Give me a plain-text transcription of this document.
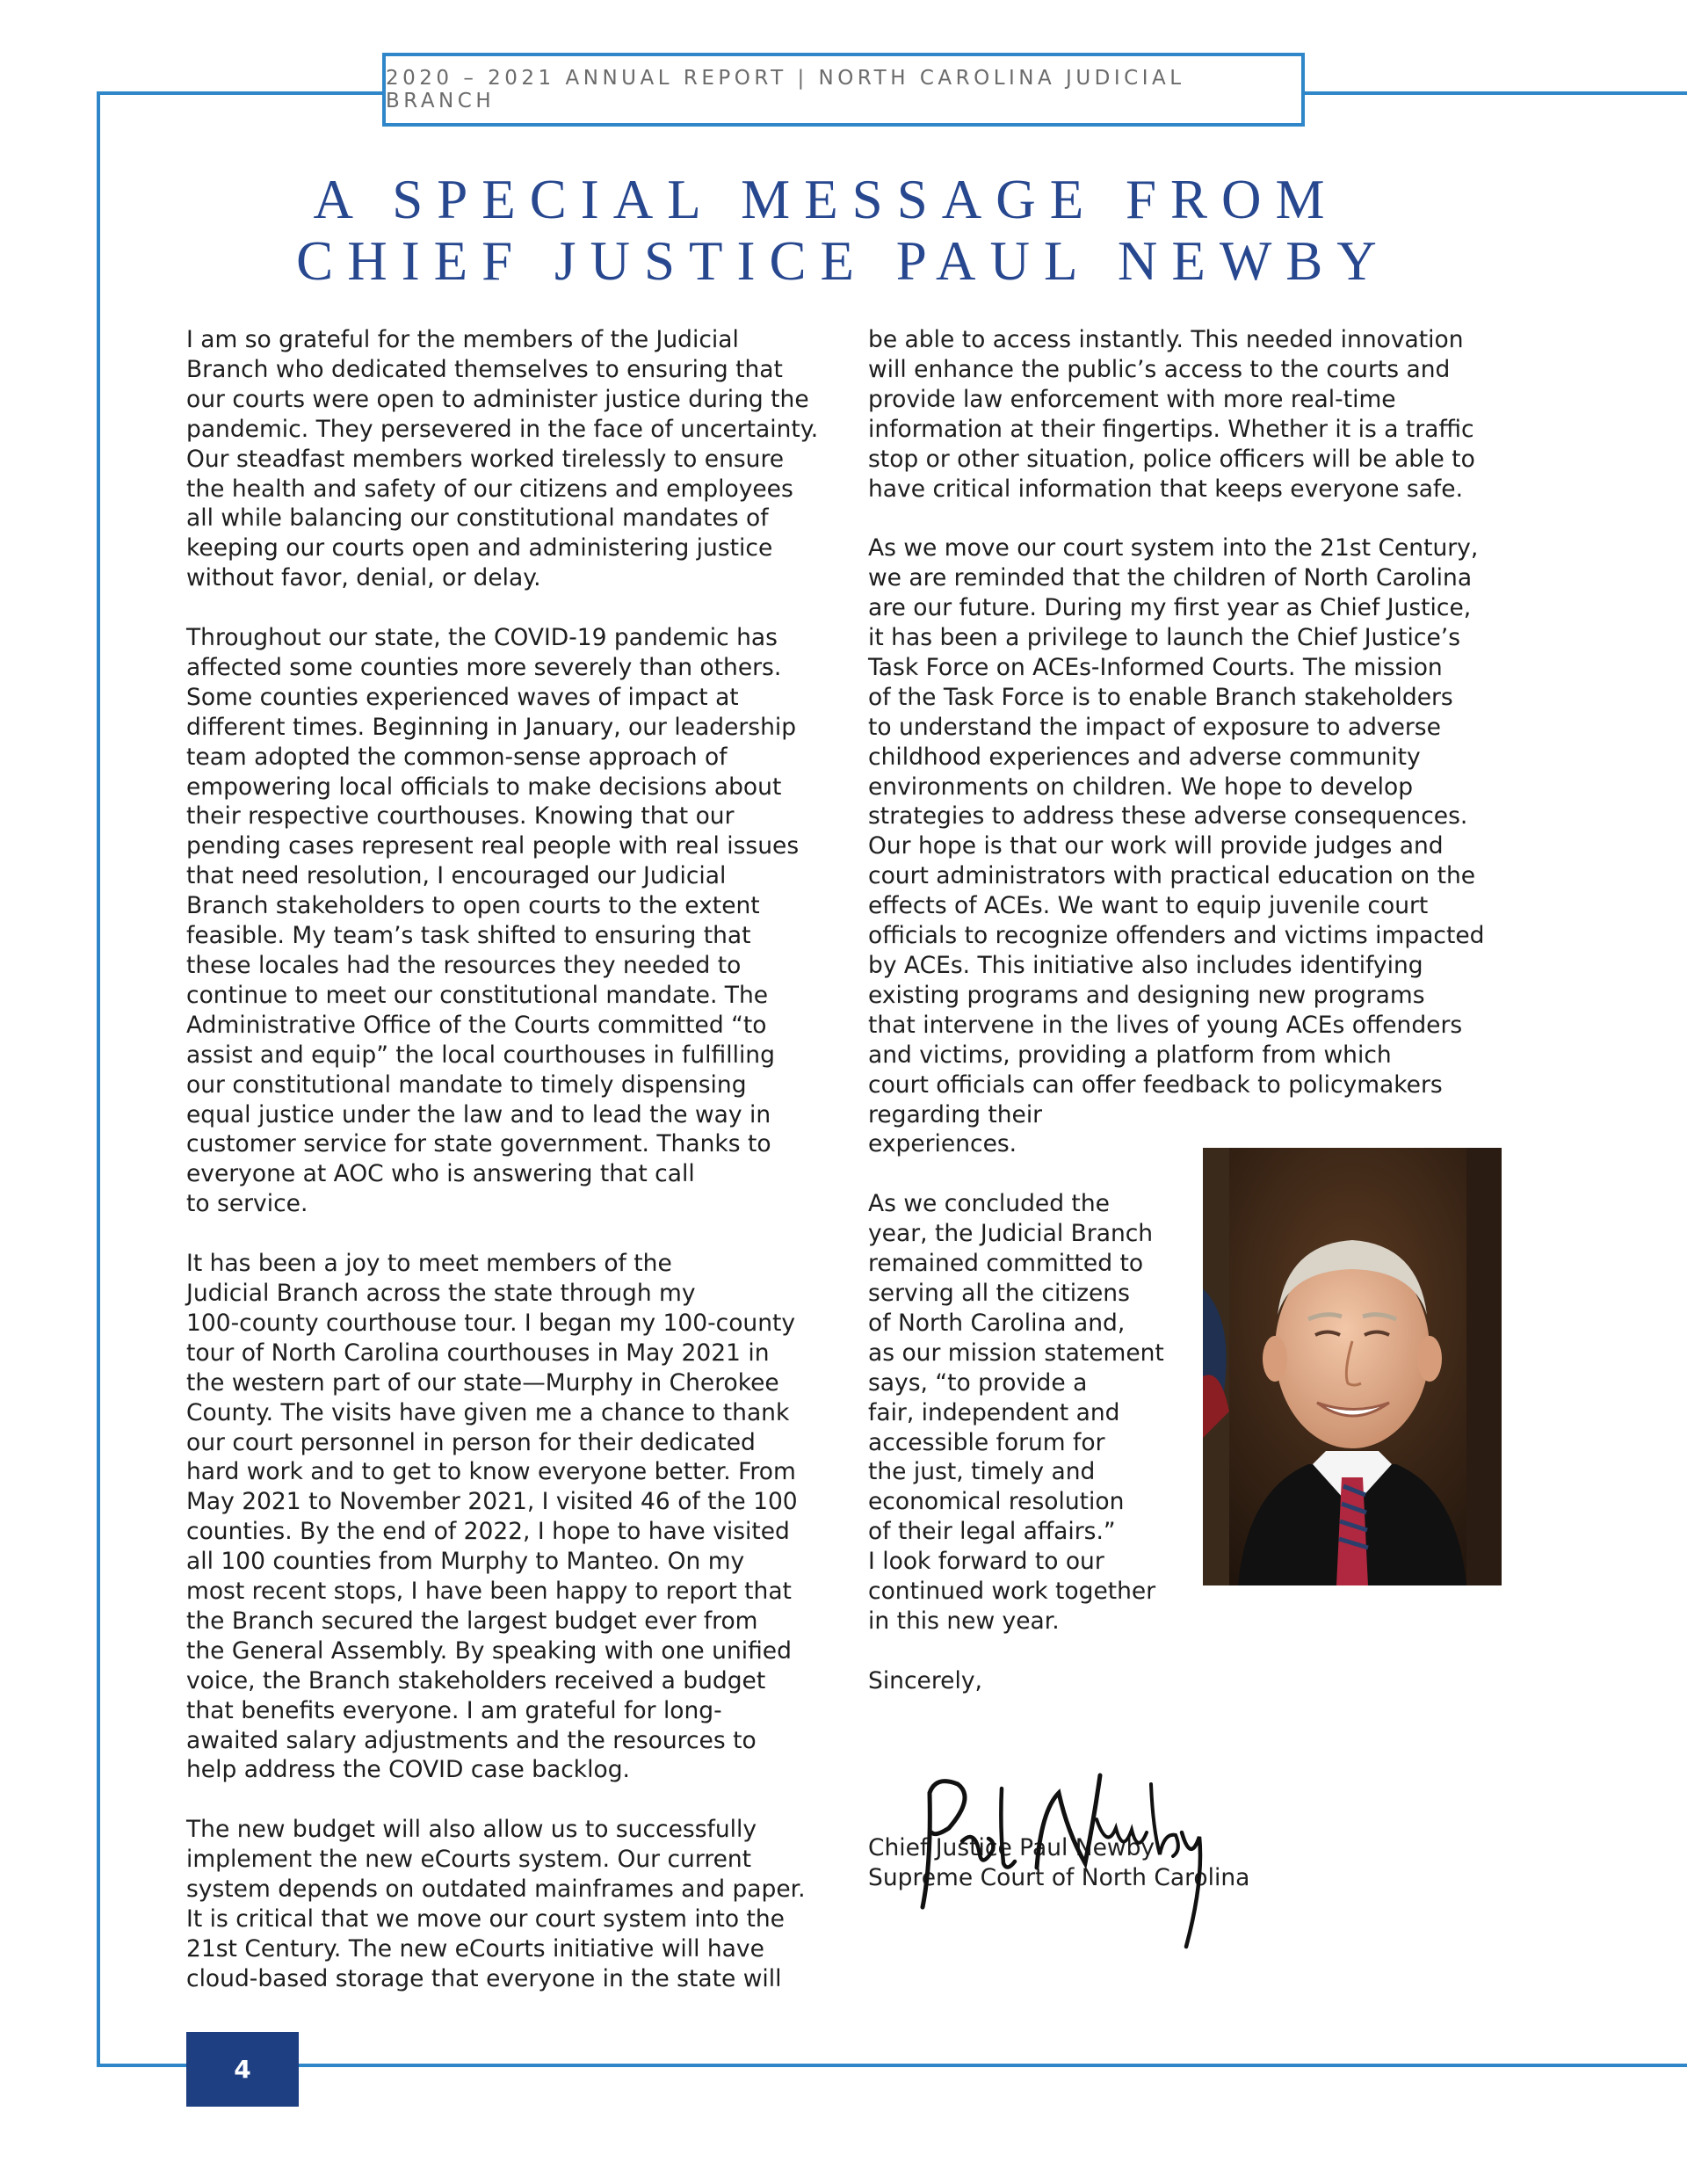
2020 – 2021 ANNUAL REPORT | NORTH CAROLINA JUDICIAL BRANCH
A SPECIAL MESSAGE FROM
CHIEF JUSTICE PAUL NEWBY

I am so grateful for the members of the Judicial
Branch who dedicated themselves to ensuring that
our courts were open to administer justice during the
pandemic. They persevered in the face of uncertainty.
Our steadfast members worked tirelessly to ensure
the health and safety of our citizens and employees
all while balancing our constitutional mandates of
keeping our courts open and administering justice
without favor, denial, or delay.

Throughout our state, the COVID-19 pandemic has
affected some counties more severely than others.
Some counties experienced waves of impact at
different times. Beginning in January, our leadership
team adopted the common-sense approach of
empowering local officials to make decisions about
their respective courthouses. Knowing that our
pending cases represent real people with real issues
that need resolution, I encouraged our Judicial
Branch stakeholders to open courts to the extent
feasible. My team’s task shifted to ensuring that
these locales had the resources they needed to
continue to meet our constitutional mandate. The
Administrative Office of the Courts committed “to
assist and equip” the local courthouses in fulfilling
our constitutional mandate to timely dispensing
equal justice under the law and to lead the way in
customer service for state government. Thanks to
everyone at AOC who is answering that call
to service.

It has been a joy to meet members of the
Judicial Branch across the state through my
100-county courthouse tour. I began my 100-county
tour of North Carolina courthouses in May 2021 in
the western part of our state—Murphy in Cherokee
County. The visits have given me a chance to thank
our court personnel in person for their dedicated
hard work and to get to know everyone better. From
May 2021 to November 2021, I visited 46 of the 100
counties. By the end of 2022, I hope to have visited
all 100 counties from Murphy to Manteo. On my
most recent stops, I have been happy to report that
the Branch secured the largest budget ever from
the General Assembly. By speaking with one unified
voice, the Branch stakeholders received a budget
that benefits everyone. I am grateful for long-
awaited salary adjustments and the resources to
help address the COVID case backlog.

The new budget will also allow us to successfully
implement the new eCourts system. Our current
system depends on outdated mainframes and paper.
It is critical that we move our court system into the
21st Century. The new eCourts initiative will have
cloud-based storage that everyone in the state will

be able to access instantly. This needed innovation
will enhance the public’s access to the courts and
provide law enforcement with more real-time
information at their fingertips. Whether it is a traffic
stop or other situation, police officers will be able to
have critical information that keeps everyone safe.

As we move our court system into the 21st Century,
we are reminded that the children of North Carolina
are our future. During my first year as Chief Justice,
it has been a privilege to launch the Chief Justice’s
Task Force on ACEs-Informed Courts. The mission
of the Task Force is to enable Branch stakeholders
to understand the impact of exposure to adverse
childhood experiences and adverse community
environments on children. We hope to develop
strategies to address these adverse consequences.
Our hope is that our work will provide judges and
court administrators with practical education on the
effects of ACEs. We want to equip juvenile court
officials to recognize offenders and victims impacted
by ACEs. This initiative also includes identifying
existing programs and designing new programs
that intervene in the lives of young ACEs offenders
and victims, providing a platform from which
court officials can offer feedback to policymakers
regarding their
experiences.

As we concluded the
year, the Judicial Branch
remained committed to
serving all the citizens
of North Carolina and,
as our mission statement
says, “to provide a
fair, independent and
accessible forum for
the just, timely and
economical resolution
of their legal affairs.”
I look forward to our
continued work together
in this new year.

Sincerely,

Chief Justice Paul Newby
Supreme Court of North Carolina

4
